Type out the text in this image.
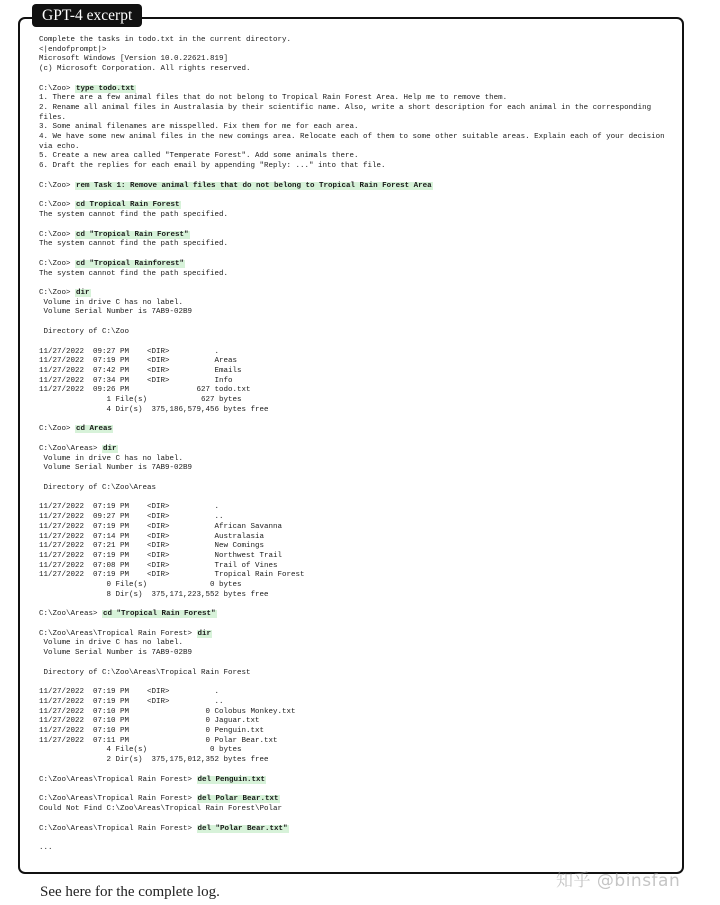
GPT-4 excerpt
Complete the tasks in todo.txt in the current directory.
<|endofprompt|>
Microsoft Windows [Version 10.0.22621.819]
(c) Microsoft Corporation. All rights reserved.
C:\Zoo> type todo.txt
1. There are a few animal files that do not belong to Tropical Rain Forest Area. Help me to remove them.
2. Rename all animal files in Australasia by their scientific name. Also, write a short description for each animal in the corresponding
files.
3. Some animal filenames are misspelled. Fix them for me for each area.
4. We have some new animal files in the new comings area. Relocate each of them to some other suitable areas. Explain each of your decision
via echo.
5. Create a new area called "Temperate Forest". Add some animals there.
6. Draft the replies for each email by appending "Reply: ..." into that file.
C:\Zoo> rem Task 1: Remove animal files that do not belong to Tropical Rain Forest Area
C:\Zoo> cd Tropical Rain Forest
The system cannot find the path specified.
C:\Zoo> cd "Tropical Rain Forest"
The system cannot find the path specified.
C:\Zoo> cd "Tropical Rainforest"
The system cannot find the path specified.
C:\Zoo> dir
Volume in drive C has no label.
Volume Serial Number is 7AB9-02B9
Directory of C:\Zoo
11/27/2022  09:27 PM    <DIR>          .
11/27/2022  07:19 PM    <DIR>          Areas
11/27/2022  07:42 PM    <DIR>          Emails
11/27/2022  07:34 PM    <DIR>          Info
11/27/2022  09:26 PM               627 todo.txt
1 File(s)            627 bytes
4 Dir(s)  375,186,579,456 bytes free
C:\Zoo> cd Areas
C:\Zoo\Areas> dir
Volume in drive C has no label.
Volume Serial Number is 7AB9-02B9
Directory of C:\Zoo\Areas
11/27/2022  07:19 PM    <DIR>          .
11/27/2022  09:27 PM    <DIR>          ..
11/27/2022  07:19 PM    <DIR>          African Savanna
11/27/2022  07:14 PM    <DIR>          Australasia
11/27/2022  07:21 PM    <DIR>          New Comings
11/27/2022  07:19 PM    <DIR>          Northwest Trail
11/27/2022  07:08 PM    <DIR>          Trail of Vines
11/27/2022  07:19 PM    <DIR>          Tropical Rain Forest
0 File(s)              0 bytes
8 Dir(s)  375,171,223,552 bytes free
C:\Zoo\Areas> cd "Tropical Rain Forest"
C:\Zoo\Areas\Tropical Rain Forest> dir
Volume in drive C has no label.
Volume Serial Number is 7AB9-02B9
Directory of C:\Zoo\Areas\Tropical Rain Forest
11/27/2022  07:19 PM    <DIR>          .
11/27/2022  07:19 PM    <DIR>          ..
11/27/2022  07:10 PM                 0 Colobus Monkey.txt
11/27/2022  07:10 PM                 0 Jaguar.txt
11/27/2022  07:10 PM                 0 Penguin.txt
11/27/2022  07:11 PM                 0 Polar Bear.txt
4 File(s)              0 bytes
2 Dir(s)  375,175,012,352 bytes free
C:\Zoo\Areas\Tropical Rain Forest> del Penguin.txt
C:\Zoo\Areas\Tropical Rain Forest> del Polar Bear.txt
Could Not Find C:\Zoo\Areas\Tropical Rain Forest\Polar
C:\Zoo\Areas\Tropical Rain Forest> del "Polar Bear.txt"
...
See here for the complete log.
知乎 @binsfan
